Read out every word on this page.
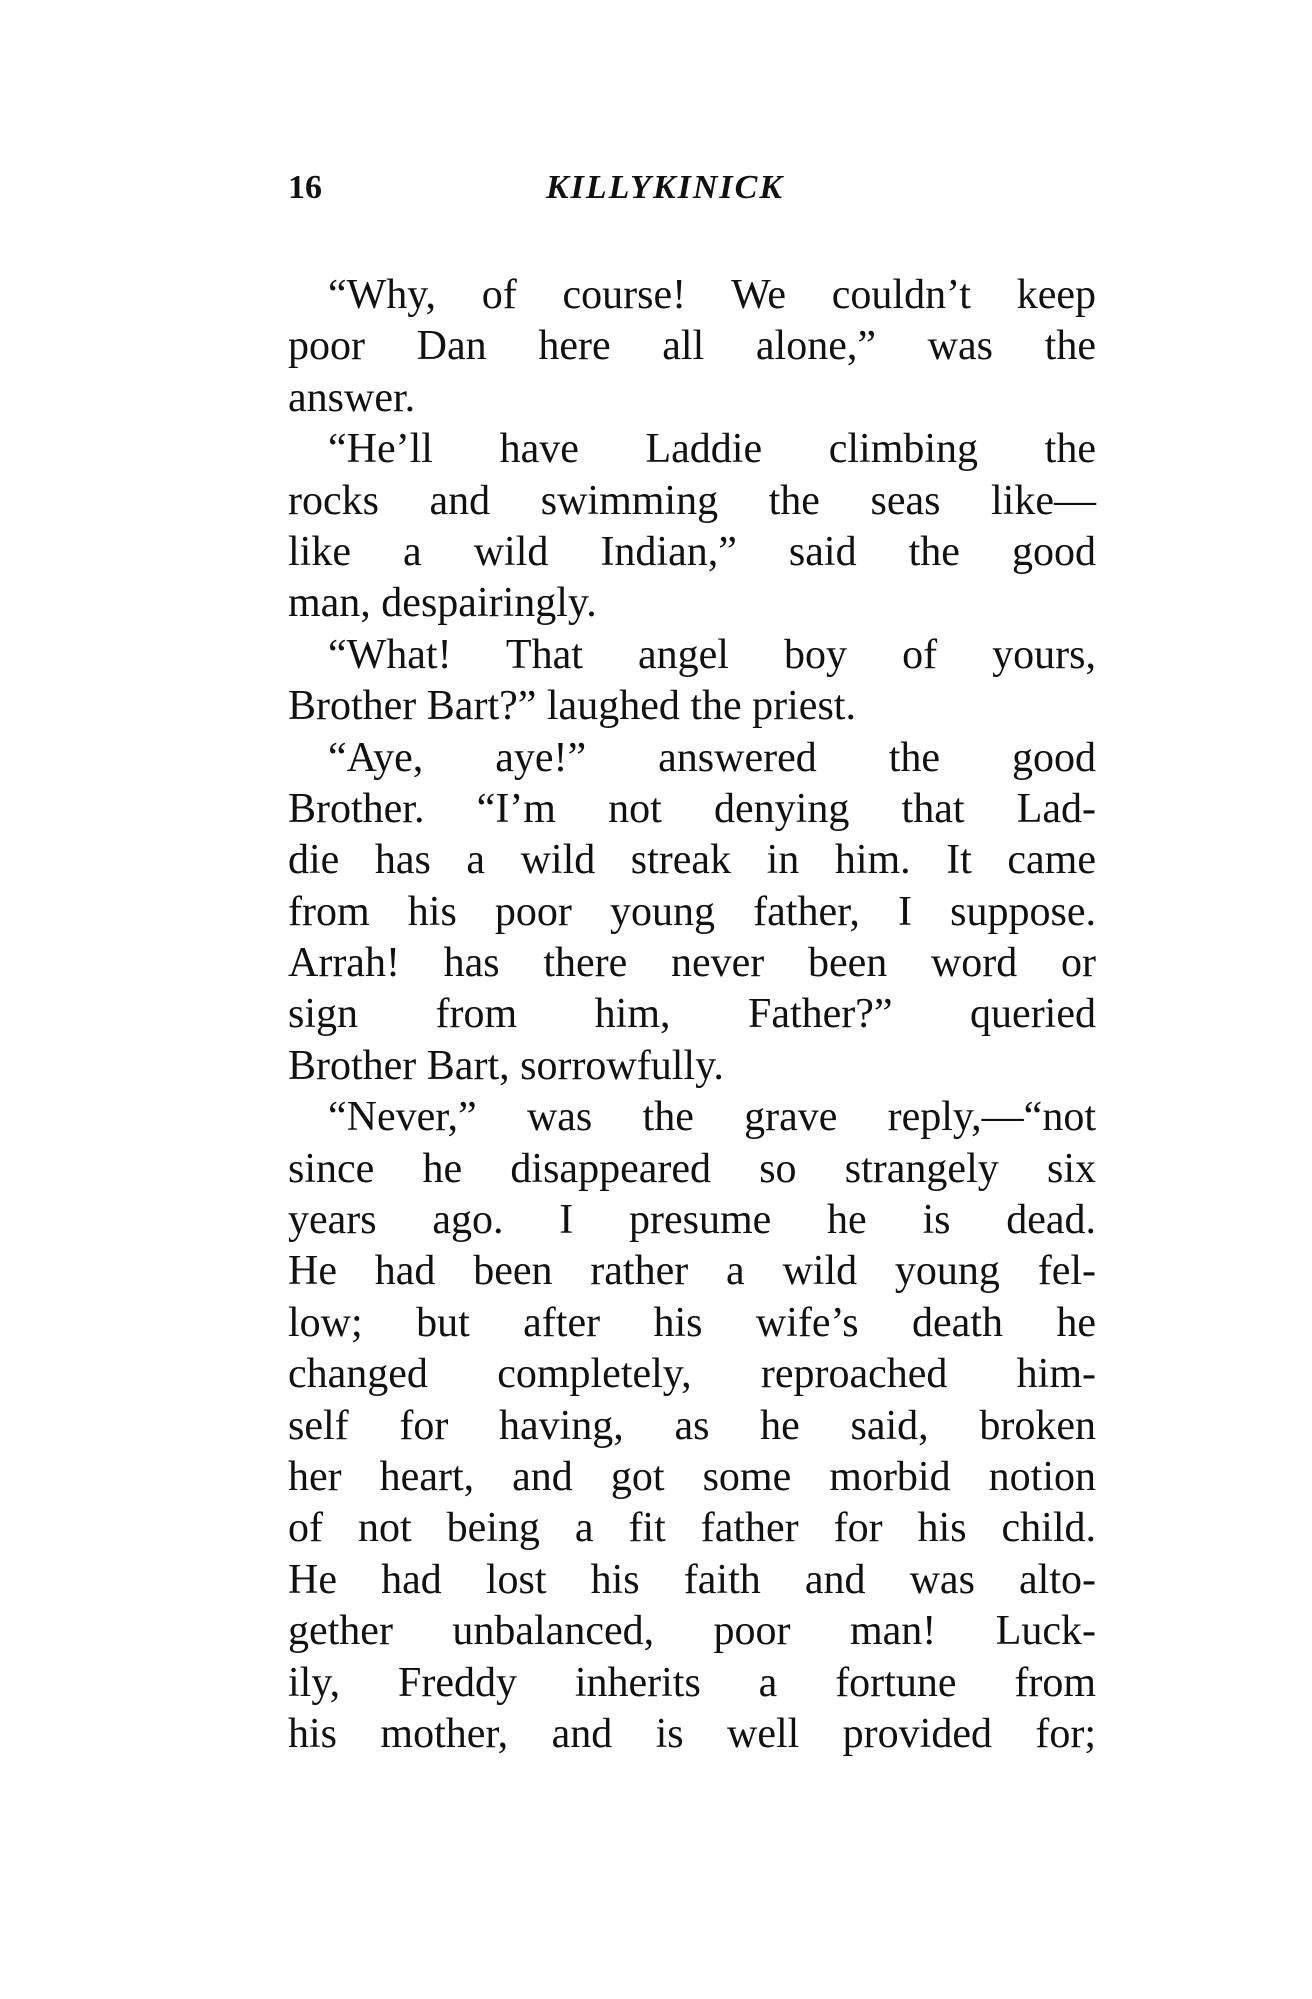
16	KILLYKINICK
“Why, of course! We couldn’t keep
poor Dan here all alone,” was the
answer.
“He’ll have Laddie climbing the
rocks and swimming the seas like—
like a wild Indian,” said the good
man, despairingly.
“What! That angel boy of yours,
Brother Bart?” laughed the priest.
“Aye, aye!” answered the good
Brother. “I’m not denying that Lad-
die has a wild streak in him. It came
from his poor young father, I suppose.
Arrah! has there never been word or
sign from him, Father?” queried
Brother Bart, sorrowfully.
“Never,” was the grave reply,—“not
since he disappeared so strangely six
years ago. I presume he is dead.
He had been rather a wild young fel-
low; but after his wife’s death he
changed completely, reproached him-
self for having, as he said, broken
her heart, and got some morbid notion
of not being a fit father for his child.
He had lost his faith and was alto-
gether unbalanced, poor man! Luck-
ily, Freddy inherits a fortune from
his mother, and is well provided for;
